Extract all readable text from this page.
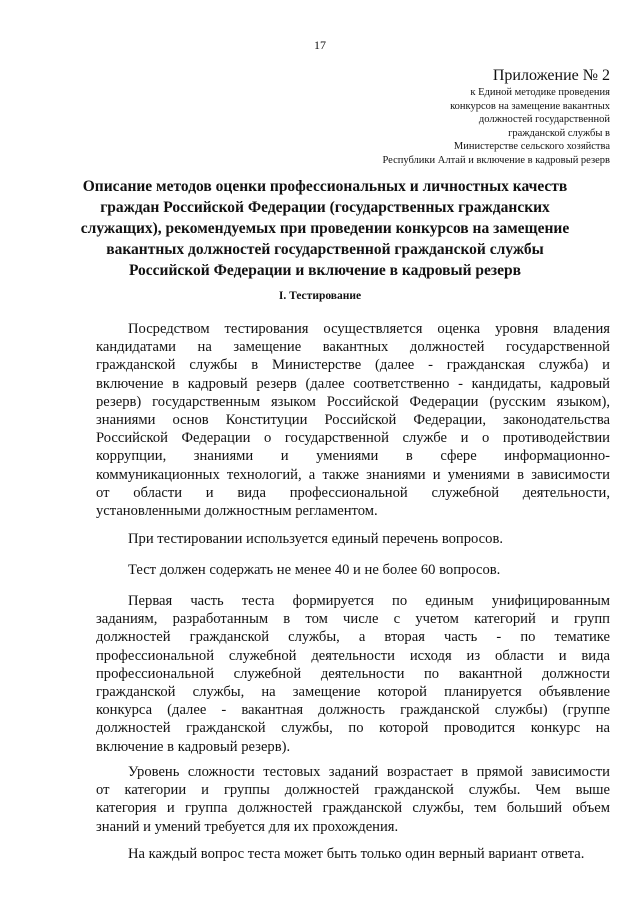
17
Приложение № 2
к Единой методике проведения
конкурсов на замещение вакантных
должностей государственной
гражданской службы в
Министерстве сельского хозяйства
Республики Алтай и включение в кадровый резерв
Описание методов оценки профессиональных и личностных качеств
граждан Российской Федерации (государственных гражданских
служащих), рекомендуемых при проведении конкурсов на замещение
вакантных должностей государственной гражданской службы
Российской Федерации и включение в кадровый резерв
I. Тестирование
Посредством тестирования осуществляется оценка уровня владения
кандидатами на замещение вакантных должностей государственной
гражданской службы в Министерстве (далее - гражданская служба) и
включение в кадровый резерв (далее соответственно - кандидаты, кадровый
резерв) государственным языком Российской Федерации (русским языком),
знаниями основ Конституции Российской Федерации, законодательства
Российской Федерации о государственной службе и о противодействии
коррупции, знаниями и умениями в сфере информационно-
коммуникационных технологий, а также знаниями и умениями в зависимости
от области и вида профессиональной служебной деятельности,
установленными должностным регламентом.
При тестировании используется единый перечень вопросов.
Тест должен содержать не менее 40 и не более 60 вопросов.
Первая часть теста формируется по единым унифицированным
заданиям, разработанным в том числе с учетом категорий и групп
должностей гражданской службы, а вторая часть - по тематике
профессиональной служебной деятельности исходя из области и вида
профессиональной служебной деятельности по вакантной должности
гражданской службы, на замещение которой планируется объявление
конкурса (далее - вакантная должность гражданской службы) (группе
должностей гражданской службы, по которой проводится конкурс на
включение в кадровый резерв).
Уровень сложности тестовых заданий возрастает в прямой зависимости
от категории и группы должностей гражданской службы. Чем выше
категория и группа должностей гражданской службы, тем больший объем
знаний и умений требуется для их прохождения.
На каждый вопрос теста может быть только один верный вариант ответа.
